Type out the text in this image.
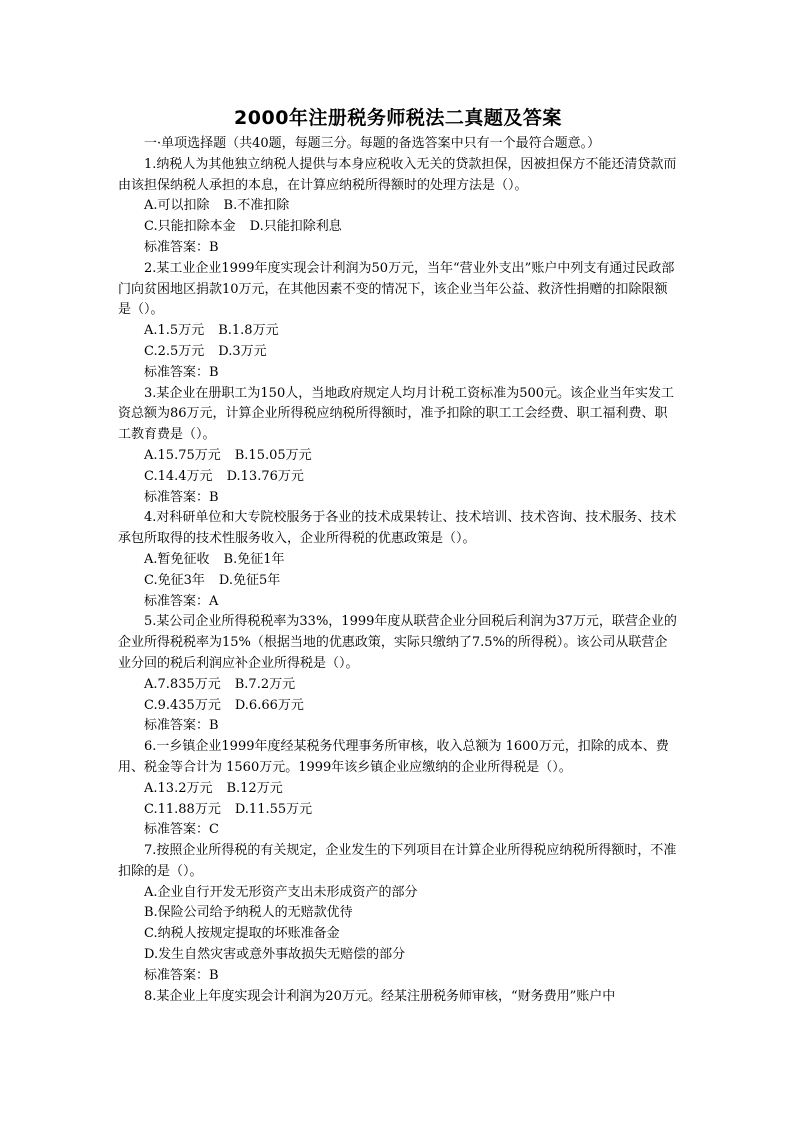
2000年注册税务师税法二真题及答案

一·单项选择题（共40题，每题三分。每题的备选答案中只有一个最符合题意。）

1.纳税人为其他独立纳税人提供与本身应税收入无关的贷款担保，因被担保方不能还清贷款而由该担保纳税人承担的本息，在计算应纳税所得额时的处理方法是（）。

A.可以扣除 B.不准扣除

C.只能扣除本金 D.只能扣除利息

标准答案：B

2.某工业企业1999年度实现会计利润为50万元，当年“营业外支出”账户中列支有通过民政部门向贫困地区捐款10万元，在其他因素不变的情况下，该企业当年公益、救济性捐赠的扣除限额是（）。

A.1.5万元 B.1.8万元

C.2.5万元 D.3万元

标准答案：B

3.某企业在册职工为150人，当地政府规定人均月计税工资标准为500元。该企业当年实发工资总额为86万元，计算企业所得税应纳税所得额时，准予扣除的职工工会经费、职工福利费、职工教育费是（）。

A.15.75万元 B.15.05万元

C.14.4万元 D.13.76万元

标准答案：B

4.对科研单位和大专院校服务于各业的技术成果转让、技术培训、技术咨询、技术服务、技术承包所取得的技术性服务收入，企业所得税的优惠政策是（）。

A.暂免征收 B.免征1年

C.免征3年 D.免征5年

标准答案：A

5.某公司企业所得税税率为33%，1999年度从联营企业分回税后利润为37万元，联营企业的企业所得税税率为15%（根据当地的优惠政策，实际只缴纳了7.5%的所得税）。该公司从联营企业分回的税后利润应补企业所得税是（）。

A.7.835万元 B.7.2万元

C.9.435万元 D.6.66万元

标准答案：B

6.一乡镇企业1999年度经某税务代理事务所审核，收入总额为 1600万元，扣除的成本、费用、税金等合计为 1560万元。1999年该乡镇企业应缴纳的企业所得税是（）。

A.13.2万元 B.12万元

C.11.88万元 D.11.55万元

标准答案：C

7.按照企业所得税的有关规定，企业发生的下列项目在计算企业所得税应纳税所得额时，不准扣除的是（）。

A.企业自行开发无形资产支出未形成资产的部分

B.保险公司给予纳税人的无赔款优待

C.纳税人按规定提取的坏账准备金

D.发生自然灾害或意外事故损失无赔偿的部分

标准答案：B

8.某企业上年度实现会计利润为20万元。经某注册税务师审核，“财务费用”账户中
